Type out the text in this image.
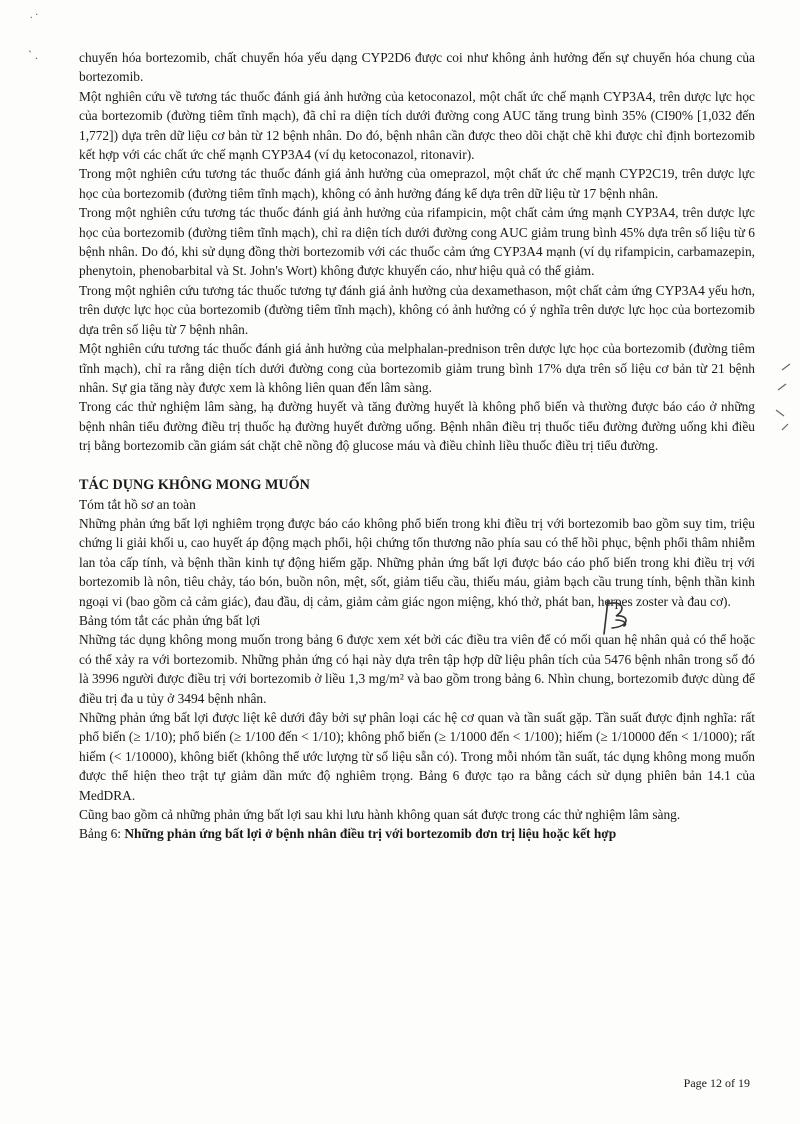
. ·
` .	chuyển hóa bortezomib, chất chuyển hóa yếu dạng CYP2D6 được coi như không ảnh hưởng đến sự chuyển hóa chung của bortezomib.

Một nghiên cứu về tương tác thuốc đánh giá ảnh hưởng của ketoconazol, một chất ức chế mạnh CYP3A4, trên dược lực học của bortezomib (đường tiêm tĩnh mạch), đã chỉ ra diện tích dưới đường cong AUC tăng trung bình 35% (CI90% [1,032 đến 1,772]) dựa trên dữ liệu cơ bản từ 12 bệnh nhân. Do đó, bệnh nhân cần được theo dõi chặt chẽ khi được chỉ định bortezomib kết hợp với các chất ức chế mạnh CYP3A4 (ví dụ ketoconazol, ritonavir).

Trong một nghiên cứu tương tác thuốc đánh giá ảnh hưởng của omeprazol, một chất ức chế mạnh CYP2C19, trên dược lực học của bortezomib (đường tiêm tĩnh mạch), không có ảnh hưởng đáng kể dựa trên dữ liệu từ 17 bệnh nhân.

Trong một nghiên cứu tương tác thuốc đánh giá ảnh hưởng của rifampicin, một chất cảm ứng mạnh CYP3A4, trên dược lực học của bortezomib (đường tiêm tĩnh mạch), chỉ ra diện tích dưới đường cong AUC giảm trung bình 45% dựa trên số liệu từ 6 bệnh nhân. Do đó, khi sử dụng đồng thời bortezomib với các thuốc cảm ứng CYP3A4 mạnh (ví dụ rifampicin, carbamazepin, phenytoin, phenobarbital và St. John's Wort) không được khuyến cáo, như hiệu quả có thể giảm.

Trong một nghiên cứu tương tác thuốc tương tự đánh giá ảnh hưởng của dexamethason, một chất cảm ứng CYP3A4 yếu hơn, trên dược lực học của bortezomib (đường tiêm tĩnh mạch), không có ảnh hưởng có ý nghĩa trên dược lực học của bortezomib dựa trên số liệu từ 7 bệnh nhân.

Một nghiên cứu tương tác thuốc đánh giá ảnh hưởng của melphalan-prednison trên dược lực học của bortezomib (đường tiêm tĩnh mạch), chỉ ra rằng diện tích dưới đường cong của bortezomib giảm trung bình 17% dựa trên số liệu cơ bản từ 21 bệnh nhân. Sự gia tăng này được xem là không liên quan đến lâm sàng.

Trong các thử nghiệm lâm sàng, hạ đường huyết và tăng đường huyết là không phổ biến và thường được báo cáo ở những bệnh nhân tiểu đường điều trị thuốc hạ đường huyết đường uống. Bệnh nhân điều trị thuốc tiểu đường đường uống khi điều trị bằng bortezomib cần giám sát chặt chẽ nồng độ glucose máu và điều chỉnh liều thuốc điều trị tiểu đường.

TÁC DỤNG KHÔNG MONG MUỐN

Tóm tắt hồ sơ an toàn

Những phản ứng bất lợi nghiêm trọng được báo cáo không phổ biến trong khi điều trị với bortezomib bao gồm suy tim, triệu chứng li giải khối u, cao huyết áp động mạch phổi, hội chứng tổn thương não phía sau có thể hồi phục, bệnh phổi thâm nhiễm lan tỏa cấp tính, và bệnh thần kinh tự động hiếm gặp. Những phản ứng bất lợi được báo cáo phổ biến trong khi điều trị với bortezomib là nôn, tiêu chảy, táo bón, buồn nôn, mệt, sốt, giảm tiểu cầu, thiếu máu, giảm bạch cầu trung tính, bệnh thần kinh ngoại vi (bao gồm cả cảm giác), đau đầu, dị cảm, giảm cảm giác ngon miệng, khó thở, phát ban, herpes zoster và đau cơ).

Bảng tóm tắt các phản ứng bất lợi

Những tác dụng không mong muốn trong bảng 6 được xem xét bởi các điều tra viên để có mối quan hệ nhân quả có thể hoặc có thể xảy ra với bortezomib. Những phản ứng có hại này dựa trên tập hợp dữ liệu phân tích của 5476 bệnh nhân trong số đó là 3996 người được điều trị với bortezomib ở liều 1,3 mg/m² và bao gồm trong bảng 6. Nhìn chung, bortezomib được dùng để điều trị đa u tủy ở 3494 bệnh nhân.

Những phản ứng bất lợi được liệt kê dưới đây bởi sự phân loại các hệ cơ quan và tần suất gặp. Tần suất được định nghĩa: rất phổ biến (≥ 1/10); phổ biến (≥ 1/100 đến < 1/10); không phổ biến (≥ 1/1000 đến < 1/100); hiếm (≥ 1/10000 đến < 1/1000); rất hiếm (< 1/10000), không biết (không thể ước lượng từ số liệu sẵn có). Trong mỗi nhóm tần suất, tác dụng không mong muốn được thể hiện theo trật tự giảm dần mức độ nghiêm trọng. Bảng 6 được tạo ra bằng cách sử dụng phiên bản 14.1 của MedDRA.

Cũng bao gồm cả những phản ứng bất lợi sau khi lưu hành không quan sát được trong các thử nghiệm lâm sàng.

Bảng 6: Những phản ứng bất lợi ở bệnh nhân điều trị với bortezomib đơn trị liệu hoặc kết hợp

Page 12 of 19
